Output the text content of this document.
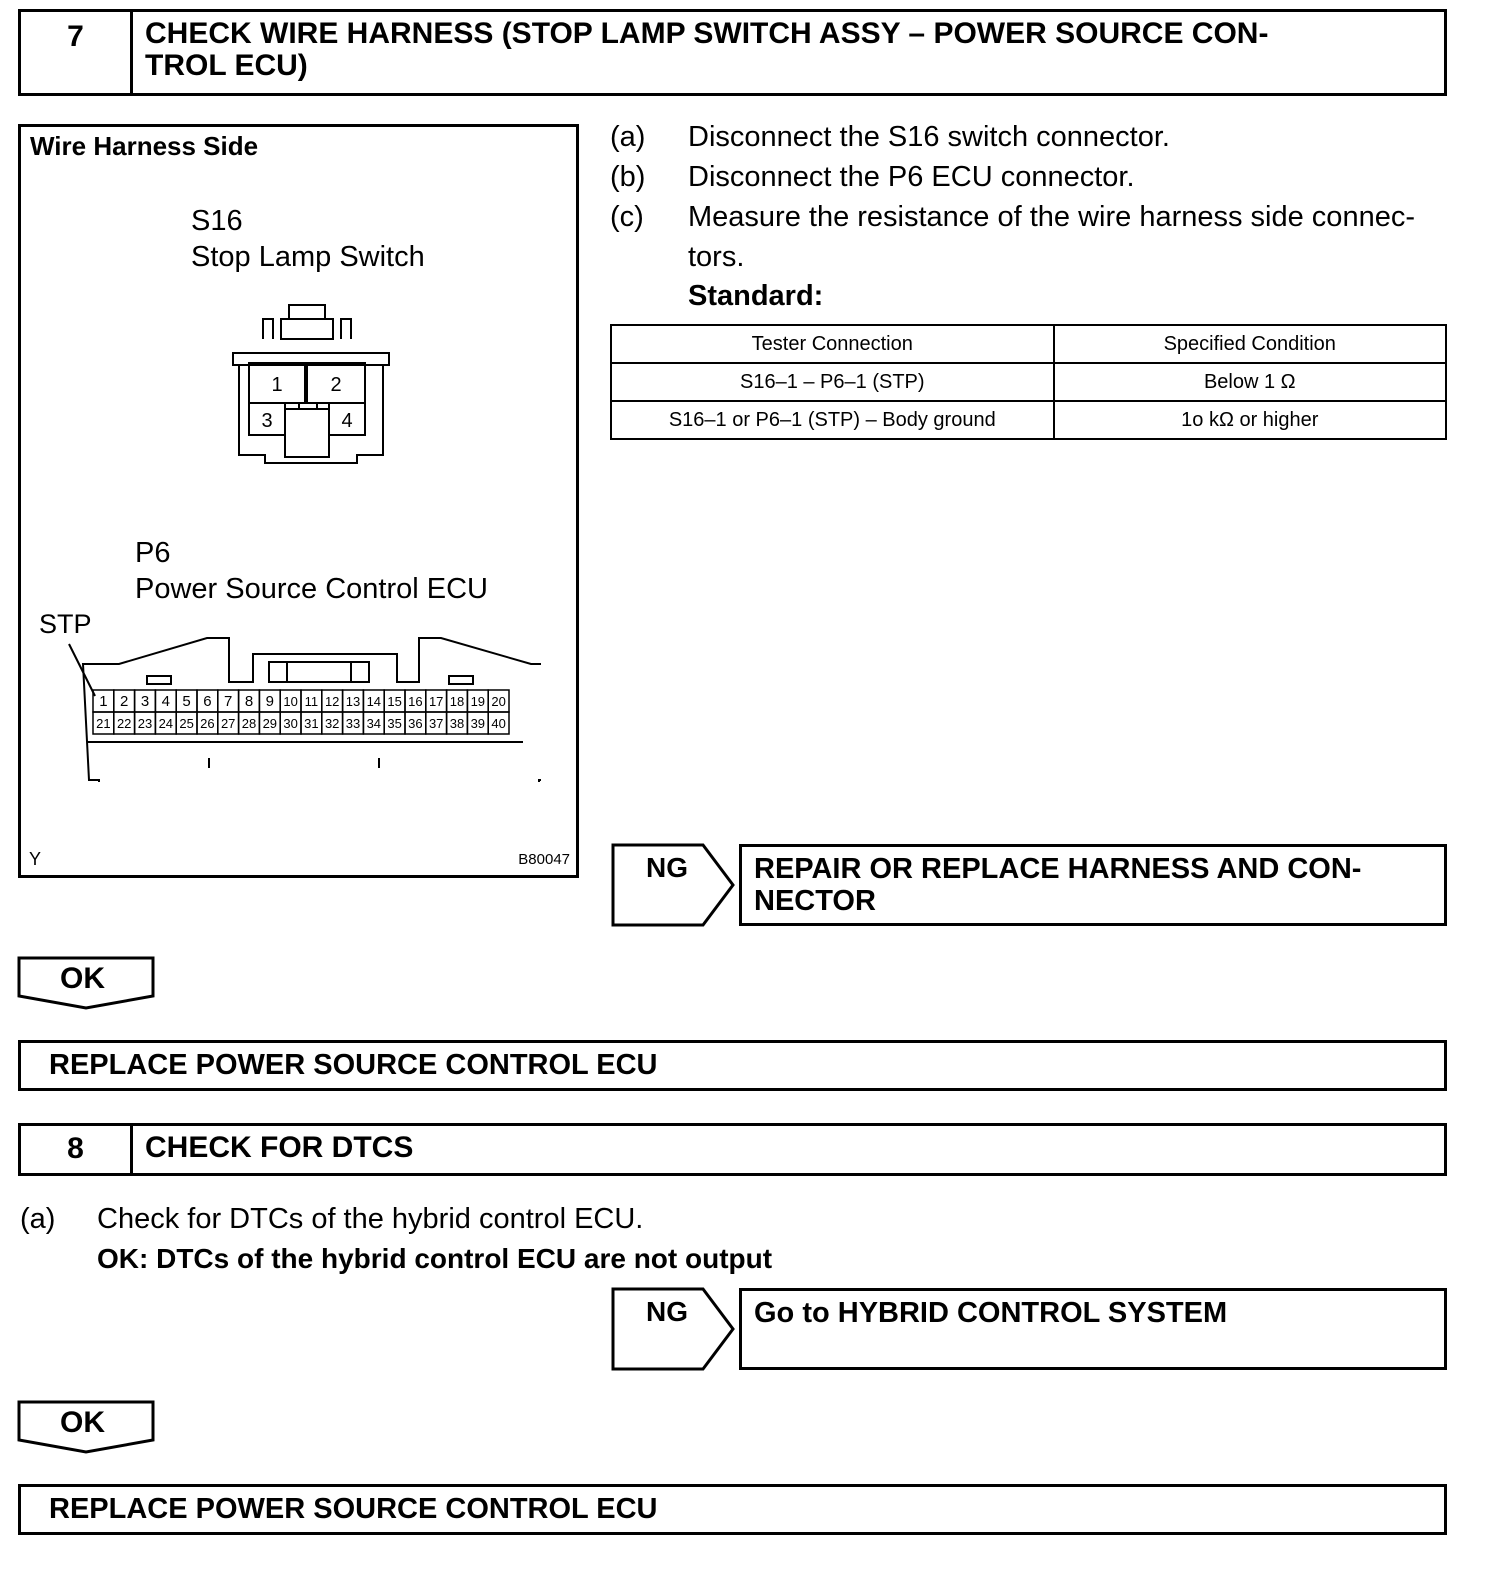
7	CHECK WIRE HARNESS (STOP LAMP SWITCH ASSY – POWER SOURCE CON-
TROL ECU)
Wire Harness Side
S16
Stop Lamp Switch
1 2
3	4
P6
Power Source Control ECU
STP
1 2 3 4 5 6 7 8 9 10 11 12 13 14 15 16 17 18 19 20
21 22 23 24 25 26 27 28 29 30 31 32 33 34 35 36 37 38 39 40
Y	B80047
(a) Disconnect the S16 switch connector.
(b) Disconnect the P6 ECU connector.
(c) Measure the resistance of the wire harness side connec-
tors.
Standard:
Tester Connection	Specified Condition
S16–1 – P6–1 (STP)	Below 1 Ω
S16–1 or P6–1 (STP) – Body ground	1o kΩ or higher
NG REPAIR OR REPLACE HARNESS AND CON-
NECTOR
OK
REPLACE POWER SOURCE CONTROL ECU
8	CHECK FOR DTCS
(a) Check for DTCs of the hybrid control ECU.
OK: DTCs of the hybrid control ECU are not output
NG Go to HYBRID CONTROL SYSTEM
OK
REPLACE POWER SOURCE CONTROL ECU
